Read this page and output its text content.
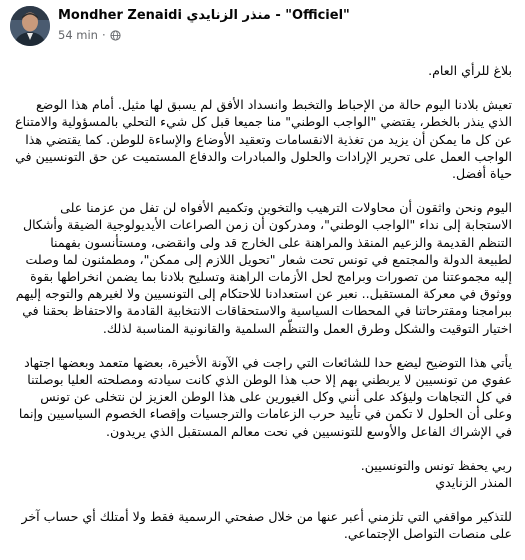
Mondher Zenaidi منذر الزنايدي - "Officiel"
54 min ·

بلاغ للرأي العام.

تعيش بلادنا اليوم حالة من الإحباط والتخبط وانسداد الأفق لم يسبق لها مثيل. أمام هذا الوضع الذي ينذر بالخطر، يقتضي "الواجب الوطني" منا جميعا قبل كل شيء التحلي بالمسؤولية والامتناع عن كل ما يمكن أن يزيد من تغذية الانقسامات وتعقيد الأوضاع والإساءة للوطن. كما يقتضي هذا الواجب العمل على تحرير الإرادات والحلول والمبادرات والدفاع المستميت عن حق التونسيين في حياة أفضل.

اليوم ونحن واثقون أن محاولات الترهيب والتخوين وتكميم الأفواه لن تفل من عزمنا على الاستجابة إلى نداء "الواجب الوطني"، ومدركون أن زمن الصراعات الأيديولوجية الضيقة وأشكال التنظم القديمة والزعيم المنقذ والمراهنة على الخارج قد ولى وانقضى، ومستأنسون بفهمنا لطبيعة الدولة والمجتمع في تونس تحت شعار "تحويل اللازم إلى ممكن"، ومطمئنون لما وصلت إليه مجموعتنا من تصورات وبرامج لحل الأزمات الراهنة وتسليح بلادنا بما يضمن انخراطها بقوة ووثوق في معركة المستقبل.. نعبر عن استعدادنا للاحتكام إلى التونسيين ولا لغيرهم والتوجه إليهم ببرامجنا ومقترحاتنا في المحطات السياسية والاستحقاقات الانتخابية القادمة والاحتفاظ بحقنا في اختيار التوقيت والشكل وطرق العمل والتنظّم السلمية والقانونية المناسبة لذلك.

يأتي هذا التوضيح ليضع حدا للشائعات التي راجت في الآونة الأخيرة، بعضها متعمد وبعضها اجتهاد عفوي من تونسيين لا يربطني بهم إلا حب هذا الوطن الذي كانت سيادته ومصلحته العليا بوصلتنا في كل التجاهات وليؤكد على أنني وكل الغيورين على هذا الوطن العزيز لن نتخلى عن تونس وعلى أن الحلول لا تكمن في تأييد حرب الزعامات والترجسيات وإقصاء الخصوم السياسيين وإنما في الإشراك الفاعل والأوسع للتونسيين في نحت معالم المستقبل الذي يريدون.

ربي يحفظ تونس والتونسيين.

المنذر الزنايدي

للتذكير مواقفي التي تلزمني أعبر عنها من خلال صفحتي الرسمية فقط ولا أمتلك أي حساب آخر على منصات التواصل الإجتماعي.
